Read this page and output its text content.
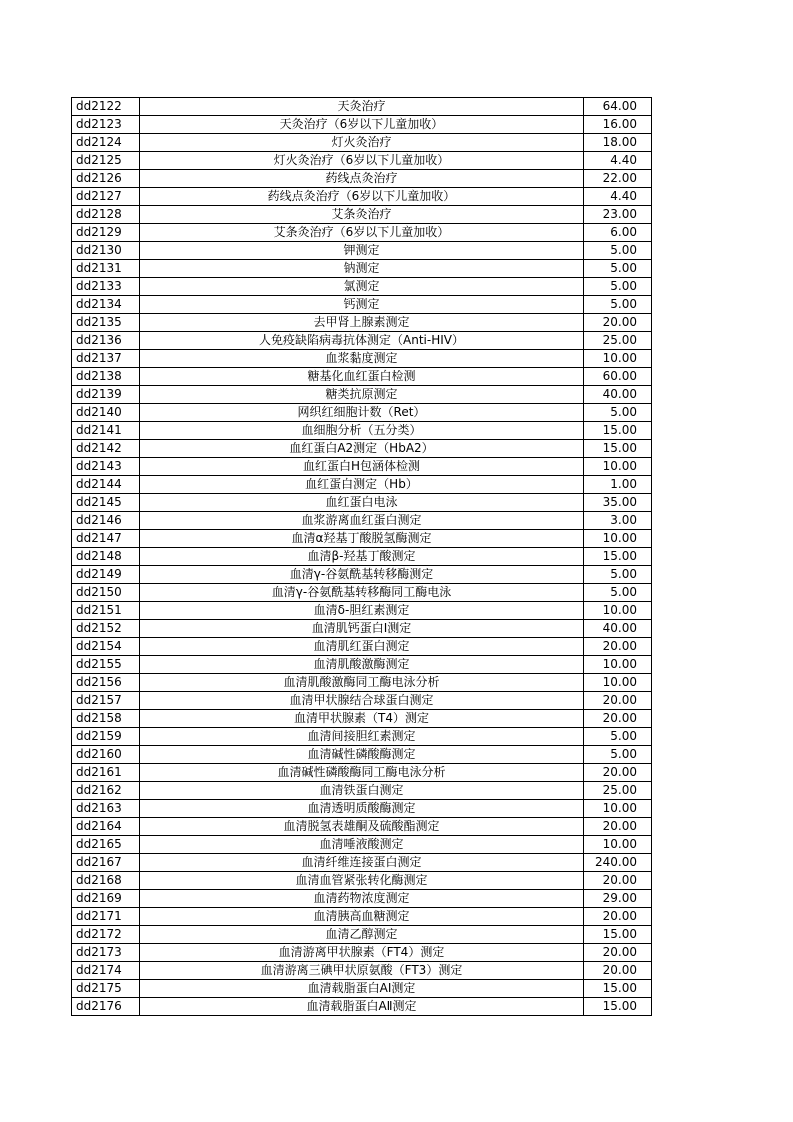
dd2122	天灸治疗	64.00
dd2123	天灸治疗（6岁以下儿童加收）	16.00
dd2124	灯火灸治疗	18.00
dd2125	灯火灸治疗（6岁以下儿童加收）	4.40
dd2126	药线点灸治疗	22.00
dd2127	药线点灸治疗（6岁以下儿童加收）	4.40
dd2128	艾条灸治疗	23.00
dd2129	艾条灸治疗（6岁以下儿童加收）	6.00
dd2130	钾测定	5.00
dd2131	钠测定	5.00
dd2133	氯测定	5.00
dd2134	钙测定	5.00
dd2135	去甲肾上腺素测定	20.00
dd2136	人免疫缺陷病毒抗体测定（Anti-HIV）	25.00
dd2137	血浆黏度测定	10.00
dd2138	糖基化血红蛋白检测	60.00
dd2139	糖类抗原测定	40.00
dd2140	网织红细胞计数（Ret）	5.00
dd2141	血细胞分析（五分类）	15.00
dd2142	血红蛋白A2测定（HbA2）	15.00
dd2143	血红蛋白H包涵体检测	10.00
dd2144	血红蛋白测定（Hb）	1.00
dd2145	血红蛋白电泳	35.00
dd2146	血浆游离血红蛋白测定	3.00
dd2147	血清α羟基丁酸脱氢酶测定	10.00
dd2148	血清β-羟基丁酸测定	15.00
dd2149	血清γ-谷氨酰基转移酶测定	5.00
dd2150	血清γ-谷氨酰基转移酶同工酶电泳	5.00
dd2151	血清δ-胆红素测定	10.00
dd2152	血清肌钙蛋白Ⅰ测定	40.00
dd2154	血清肌红蛋白测定	20.00
dd2155	血清肌酸激酶测定	10.00
dd2156	血清肌酸激酶同工酶电泳分析	10.00
dd2157	血清甲状腺结合球蛋白测定	20.00
dd2158	血清甲状腺素（T4）测定	20.00
dd2159	血清间接胆红素测定	5.00
dd2160	血清碱性磷酸酶测定	5.00
dd2161	血清碱性磷酸酶同工酶电泳分析	20.00
dd2162	血清铁蛋白测定	25.00
dd2163	血清透明质酸酶测定	10.00
dd2164	血清脱氢表雄酮及硫酸酯测定	20.00
dd2165	血清唾液酸测定	10.00
dd2167	血清纤维连接蛋白测定	240.00
dd2168	血清血管紧张转化酶测定	20.00
dd2169	血清药物浓度测定	29.00
dd2171	血清胰高血糖测定	20.00
dd2172	血清乙醇测定	15.00
dd2173	血清游离甲状腺素（FT4）测定	20.00
dd2174	血清游离三碘甲状原氨酸（FT3）测定	20.00
dd2175	血清载脂蛋白AⅠ测定	15.00
dd2176	血清载脂蛋白AⅡ测定	15.00
